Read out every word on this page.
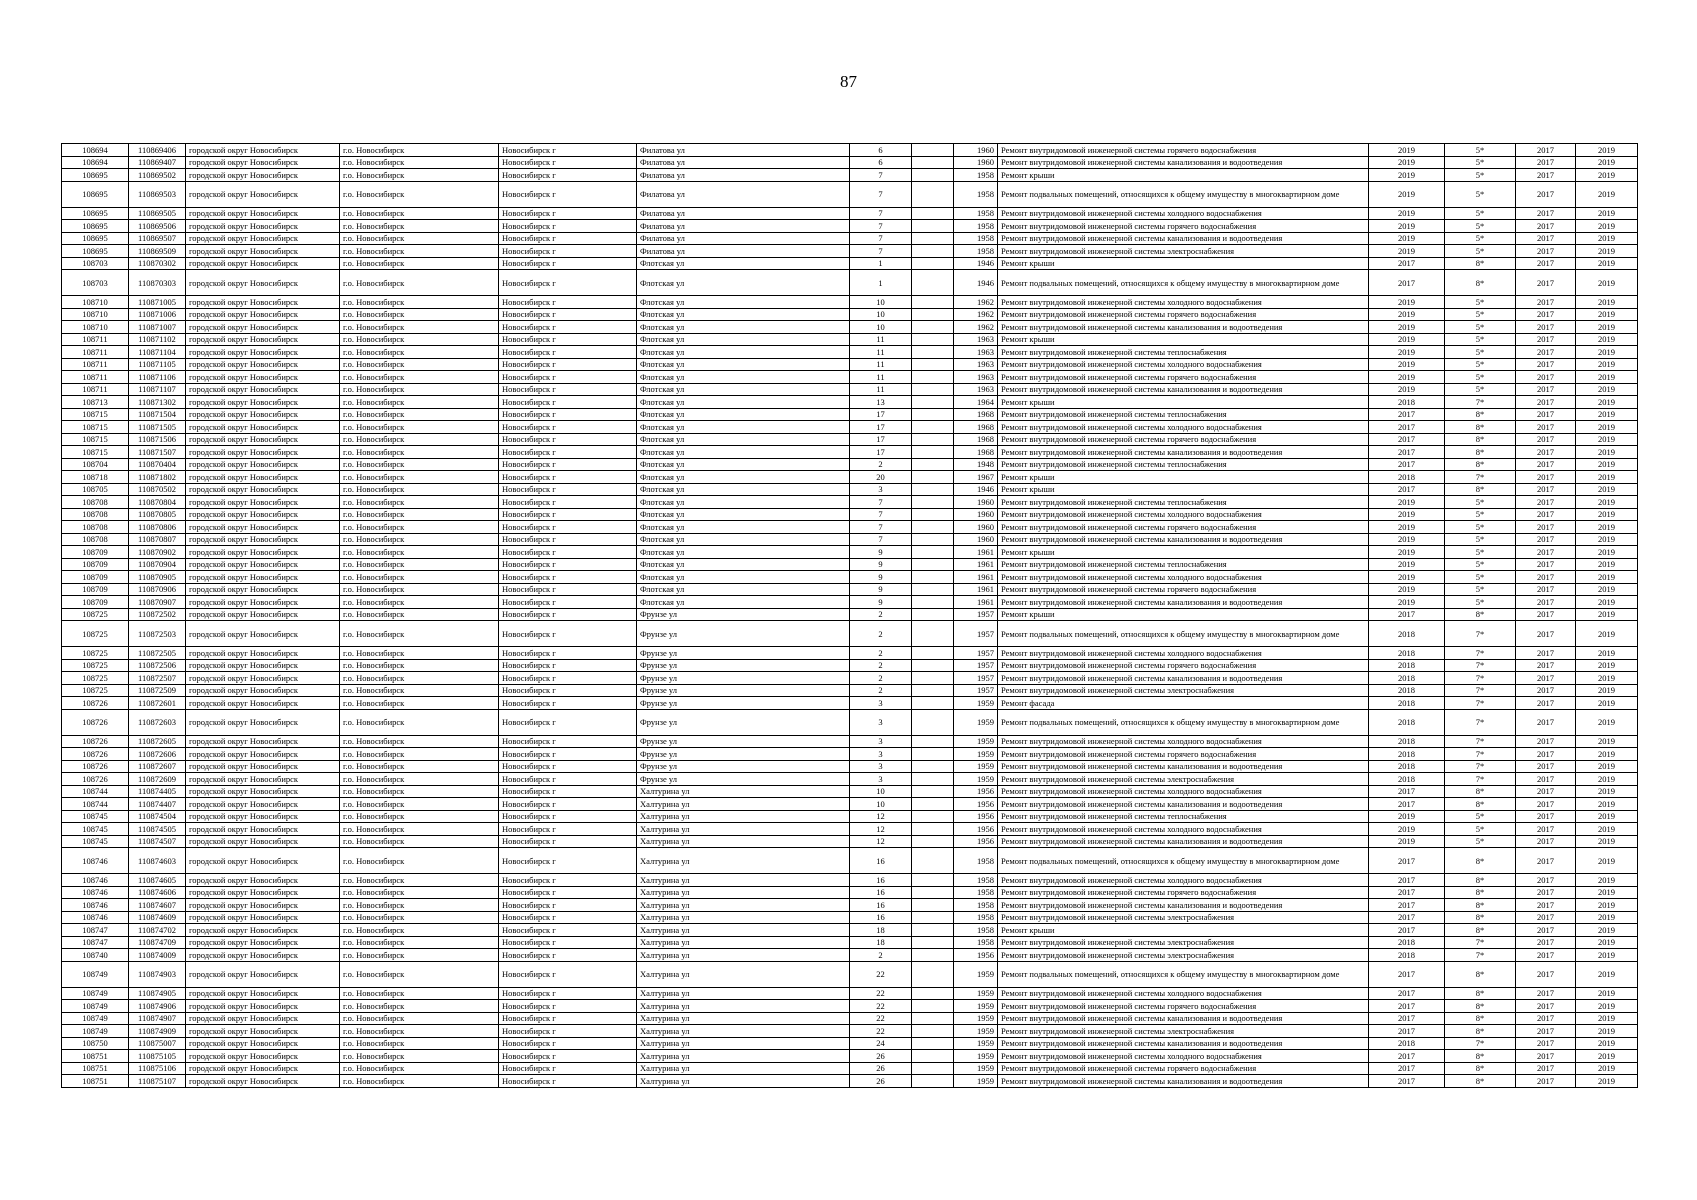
87
108694	110869406	городской округ Новосибирск	г.о. Новосибирск	Новосибирск г	Филатова ул	6		1960	Ремонт внутридомовой инженерной системы горячего водоснабжения	2019	5*	2017	2019
108694	110869407	городской округ Новосибирск	г.о. Новосибирск	Новосибирск г	Филатова ул	6		1960	Ремонт внутридомовой инженерной системы канализования и водоотведения	2019	5*	2017	2019
108695	110869502	городской округ Новосибирск	г.о. Новосибирск	Новосибирск г	Филатова ул	7		1958	Ремонт крыши	2019	5*	2017	2019
108695	110869503	городской округ Новосибирск	г.о. Новосибирск	Новосибирск г	Филатова ул	7		1958	Ремонт подвальных помещений, относящихся к общему имуществу в многоквартирном доме	2019	5*	2017	2019
108695	110869505	городской округ Новосибирск	г.о. Новосибирск	Новосибирск г	Филатова ул	7		1958	Ремонт внутридомовой инженерной системы холодного водоснабжения	2019	5*	2017	2019
108695	110869506	городской округ Новосибирск	г.о. Новосибирск	Новосибирск г	Филатова ул	7		1958	Ремонт внутридомовой инженерной системы горячего водоснабжения	2019	5*	2017	2019
108695	110869507	городской округ Новосибирск	г.о. Новосибирск	Новосибирск г	Филатова ул	7		1958	Ремонт внутридомовой инженерной системы канализования и водоотведения	2019	5*	2017	2019
108695	110869509	городской округ Новосибирск	г.о. Новосибирск	Новосибирск г	Филатова ул	7		1958	Ремонт внутридомовой инженерной системы электроснабжения	2019	5*	2017	2019
108703	110870302	городской округ Новосибирск	г.о. Новосибирск	Новосибирск г	Флотская ул	1		1946	Ремонт крыши	2017	8*	2017	2019
108703	110870303	городской округ Новосибирск	г.о. Новосибирск	Новосибирск г	Флотская ул	1		1946	Ремонт подвальных помещений, относящихся к общему имуществу в многоквартирном доме	2017	8*	2017	2019
108710	110871005	городской округ Новосибирск	г.о. Новосибирск	Новосибирск г	Флотская ул	10		1962	Ремонт внутридомовой инженерной системы холодного водоснабжения	2019	5*	2017	2019
108710	110871006	городской округ Новосибирск	г.о. Новосибирск	Новосибирск г	Флотская ул	10		1962	Ремонт внутридомовой инженерной системы горячего водоснабжения	2019	5*	2017	2019
108710	110871007	городской округ Новосибирск	г.о. Новосибирск	Новосибирск г	Флотская ул	10		1962	Ремонт внутридомовой инженерной системы канализования и водоотведения	2019	5*	2017	2019
108711	110871102	городской округ Новосибирск	г.о. Новосибирск	Новосибирск г	Флотская ул	11		1963	Ремонт крыши	2019	5*	2017	2019
108711	110871104	городской округ Новосибирск	г.о. Новосибирск	Новосибирск г	Флотская ул	11		1963	Ремонт внутридомовой инженерной системы теплоснабжения	2019	5*	2017	2019
108711	110871105	городской округ Новосибирск	г.о. Новосибирск	Новосибирск г	Флотская ул	11		1963	Ремонт внутридомовой инженерной системы холодного водоснабжения	2019	5*	2017	2019
108711	110871106	городской округ Новосибирск	г.о. Новосибирск	Новосибирск г	Флотская ул	11		1963	Ремонт внутридомовой инженерной системы горячего водоснабжения	2019	5*	2017	2019
108711	110871107	городской округ Новосибирск	г.о. Новосибирск	Новосибирск г	Флотская ул	11		1963	Ремонт внутридомовой инженерной системы канализования и водоотведения	2019	5*	2017	2019
108713	110871302	городской округ Новосибирск	г.о. Новосибирск	Новосибирск г	Флотская ул	13		1964	Ремонт крыши	2018	7*	2017	2019
108715	110871504	городской округ Новосибирск	г.о. Новосибирск	Новосибирск г	Флотская ул	17		1968	Ремонт внутридомовой инженерной системы теплоснабжения	2017	8*	2017	2019
108715	110871505	городской округ Новосибирск	г.о. Новосибирск	Новосибирск г	Флотская ул	17		1968	Ремонт внутридомовой инженерной системы холодного водоснабжения	2017	8*	2017	2019
108715	110871506	городской округ Новосибирск	г.о. Новосибирск	Новосибирск г	Флотская ул	17		1968	Ремонт внутридомовой инженерной системы горячего водоснабжения	2017	8*	2017	2019
108715	110871507	городской округ Новосибирск	г.о. Новосибирск	Новосибирск г	Флотская ул	17		1968	Ремонт внутридомовой инженерной системы канализования и водоотведения	2017	8*	2017	2019
108704	110870404	городской округ Новосибирск	г.о. Новосибирск	Новосибирск г	Флотская ул	2		1948	Ремонт внутридомовой инженерной системы теплоснабжения	2017	8*	2017	2019
108718	110871802	городской округ Новосибирск	г.о. Новосибирск	Новосибирск г	Флотская ул	20		1967	Ремонт крыши	2018	7*	2017	2019
108705	110870502	городской округ Новосибирск	г.о. Новосибирск	Новосибирск г	Флотская ул	3		1946	Ремонт крыши	2017	8*	2017	2019
108708	110870804	городской округ Новосибирск	г.о. Новосибирск	Новосибирск г	Флотская ул	7		1960	Ремонт внутридомовой инженерной системы теплоснабжения	2019	5*	2017	2019
108708	110870805	городской округ Новосибирск	г.о. Новосибирск	Новосибирск г	Флотская ул	7		1960	Ремонт внутридомовой инженерной системы холодного водоснабжения	2019	5*	2017	2019
108708	110870806	городской округ Новосибирск	г.о. Новосибирск	Новосибирск г	Флотская ул	7		1960	Ремонт внутридомовой инженерной системы горячего водоснабжения	2019	5*	2017	2019
108708	110870807	городской округ Новосибирск	г.о. Новосибирск	Новосибирск г	Флотская ул	7		1960	Ремонт внутридомовой инженерной системы канализования и водоотведения	2019	5*	2017	2019
108709	110870902	городской округ Новосибирск	г.о. Новосибирск	Новосибирск г	Флотская ул	9		1961	Ремонт крыши	2019	5*	2017	2019
108709	110870904	городской округ Новосибирск	г.о. Новосибирск	Новосибирск г	Флотская ул	9		1961	Ремонт внутридомовой инженерной системы теплоснабжения	2019	5*	2017	2019
108709	110870905	городской округ Новосибирск	г.о. Новосибирск	Новосибирск г	Флотская ул	9		1961	Ремонт внутридомовой инженерной системы холодного водоснабжения	2019	5*	2017	2019
108709	110870906	городской округ Новосибирск	г.о. Новосибирск	Новосибирск г	Флотская ул	9		1961	Ремонт внутридомовой инженерной системы горячего водоснабжения	2019	5*	2017	2019
108709	110870907	городской округ Новосибирск	г.о. Новосибирск	Новосибирск г	Флотская ул	9		1961	Ремонт внутридомовой инженерной системы канализования и водоотведения	2019	5*	2017	2019
108725	110872502	городской округ Новосибирск	г.о. Новосибирск	Новосибирск г	Фрунзе ул	2		1957	Ремонт крыши	2017	8*	2017	2019
108725	110872503	городской округ Новосибирск	г.о. Новосибирск	Новосибирск г	Фрунзе ул	2		1957	Ремонт подвальных помещений, относящихся к общему имуществу в многоквартирном доме	2018	7*	2017	2019
108725	110872505	городской округ Новосибирск	г.о. Новосибирск	Новосибирск г	Фрунзе ул	2		1957	Ремонт внутридомовой инженерной системы холодного водоснабжения	2018	7*	2017	2019
108725	110872506	городской округ Новосибирск	г.о. Новосибирск	Новосибирск г	Фрунзе ул	2		1957	Ремонт внутридомовой инженерной системы горячего водоснабжения	2018	7*	2017	2019
108725	110872507	городской округ Новосибирск	г.о. Новосибирск	Новосибирск г	Фрунзе ул	2		1957	Ремонт внутридомовой инженерной системы канализования и водоотведения	2018	7*	2017	2019
108725	110872509	городской округ Новосибирск	г.о. Новосибирск	Новосибирск г	Фрунзе ул	2		1957	Ремонт внутридомовой инженерной системы электроснабжения	2018	7*	2017	2019
108726	110872601	городской округ Новосибирск	г.о. Новосибирск	Новосибирск г	Фрунзе ул	3		1959	Ремонт фасада	2018	7*	2017	2019
108726	110872603	городской округ Новосибирск	г.о. Новосибирск	Новосибирск г	Фрунзе ул	3		1959	Ремонт подвальных помещений, относящихся к общему имуществу в многоквартирном доме	2018	7*	2017	2019
108726	110872605	городской округ Новосибирск	г.о. Новосибирск	Новосибирск г	Фрунзе ул	3		1959	Ремонт внутридомовой инженерной системы холодного водоснабжения	2018	7*	2017	2019
108726	110872606	городской округ Новосибирск	г.о. Новосибирск	Новосибирск г	Фрунзе ул	3		1959	Ремонт внутридомовой инженерной системы горячего водоснабжения	2018	7*	2017	2019
108726	110872607	городской округ Новосибирск	г.о. Новосибирск	Новосибирск г	Фрунзе ул	3		1959	Ремонт внутридомовой инженерной системы канализования и водоотведения	2018	7*	2017	2019
108726	110872609	городской округ Новосибирск	г.о. Новосибирск	Новосибирск г	Фрунзе ул	3		1959	Ремонт внутридомовой инженерной системы электроснабжения	2018	7*	2017	2019
108744	110874405	городской округ Новосибирск	г.о. Новосибирск	Новосибирск г	Халтурина ул	10		1956	Ремонт внутридомовой инженерной системы холодного водоснабжения	2017	8*	2017	2019
108744	110874407	городской округ Новосибирск	г.о. Новосибирск	Новосибирск г	Халтурина ул	10		1956	Ремонт внутридомовой инженерной системы канализования и водоотведения	2017	8*	2017	2019
108745	110874504	городской округ Новосибирск	г.о. Новосибирск	Новосибирск г	Халтурина ул	12		1956	Ремонт внутридомовой инженерной системы теплоснабжения	2019	5*	2017	2019
108745	110874505	городской округ Новосибирск	г.о. Новосибирск	Новосибирск г	Халтурина ул	12		1956	Ремонт внутридомовой инженерной системы холодного водоснабжения	2019	5*	2017	2019
108745	110874507	городской округ Новосибирск	г.о. Новосибирск	Новосибирск г	Халтурина ул	12		1956	Ремонт внутридомовой инженерной системы канализования и водоотведения	2019	5*	2017	2019
108746	110874603	городской округ Новосибирск	г.о. Новосибирск	Новосибирск г	Халтурина ул	16		1958	Ремонт подвальных помещений, относящихся к общему имуществу в многоквартирном доме	2017	8*	2017	2019
108746	110874605	городской округ Новосибирск	г.о. Новосибирск	Новосибирск г	Халтурина ул	16		1958	Ремонт внутридомовой инженерной системы холодного водоснабжения	2017	8*	2017	2019
108746	110874606	городской округ Новосибирск	г.о. Новосибирск	Новосибирск г	Халтурина ул	16		1958	Ремонт внутридомовой инженерной системы горячего водоснабжения	2017	8*	2017	2019
108746	110874607	городской округ Новосибирск	г.о. Новосибирск	Новосибирск г	Халтурина ул	16		1958	Ремонт внутридомовой инженерной системы канализования и водоотведения	2017	8*	2017	2019
108746	110874609	городской округ Новосибирск	г.о. Новосибирск	Новосибирск г	Халтурина ул	16		1958	Ремонт внутридомовой инженерной системы электроснабжения	2017	8*	2017	2019
108747	110874702	городской округ Новосибирск	г.о. Новосибирск	Новосибирск г	Халтурина ул	18		1958	Ремонт крыши	2017	8*	2017	2019
108747	110874709	городской округ Новосибирск	г.о. Новосибирск	Новосибирск г	Халтурина ул	18		1958	Ремонт внутридомовой инженерной системы электроснабжения	2018	7*	2017	2019
108740	110874009	городской округ Новосибирск	г.о. Новосибирск	Новосибирск г	Халтурина ул	2		1956	Ремонт внутридомовой инженерной системы электроснабжения	2018	7*	2017	2019
108749	110874903	городской округ Новосибирск	г.о. Новосибирск	Новосибирск г	Халтурина ул	22		1959	Ремонт подвальных помещений, относящихся к общему имуществу в многоквартирном доме	2017	8*	2017	2019
108749	110874905	городской округ Новосибирск	г.о. Новосибирск	Новосибирск г	Халтурина ул	22		1959	Ремонт внутридомовой инженерной системы холодного водоснабжения	2017	8*	2017	2019
108749	110874906	городской округ Новосибирск	г.о. Новосибирск	Новосибирск г	Халтурина ул	22		1959	Ремонт внутридомовой инженерной системы горячего водоснабжения	2017	8*	2017	2019
108749	110874907	городской округ Новосибирск	г.о. Новосибирск	Новосибирск г	Халтурина ул	22		1959	Ремонт внутридомовой инженерной системы канализования и водоотведения	2017	8*	2017	2019
108749	110874909	городской округ Новосибирск	г.о. Новосибирск	Новосибирск г	Халтурина ул	22		1959	Ремонт внутридомовой инженерной системы электроснабжения	2017	8*	2017	2019
108750	110875007	городской округ Новосибирск	г.о. Новосибирск	Новосибирск г	Халтурина ул	24		1959	Ремонт внутридомовой инженерной системы канализования и водоотведения	2018	7*	2017	2019
108751	110875105	городской округ Новосибирск	г.о. Новосибирск	Новосибирск г	Халтурина ул	26		1959	Ремонт внутридомовой инженерной системы холодного водоснабжения	2017	8*	2017	2019
108751	110875106	городской округ Новосибирск	г.о. Новосибирск	Новосибирск г	Халтурина ул	26		1959	Ремонт внутридомовой инженерной системы горячего водоснабжения	2017	8*	2017	2019
108751	110875107	городской округ Новосибирск	г.о. Новосибирск	Новосибирск г	Халтурина ул	26		1959	Ремонт внутридомовой инженерной системы канализования и водоотведения	2017	8*	2017	2019
